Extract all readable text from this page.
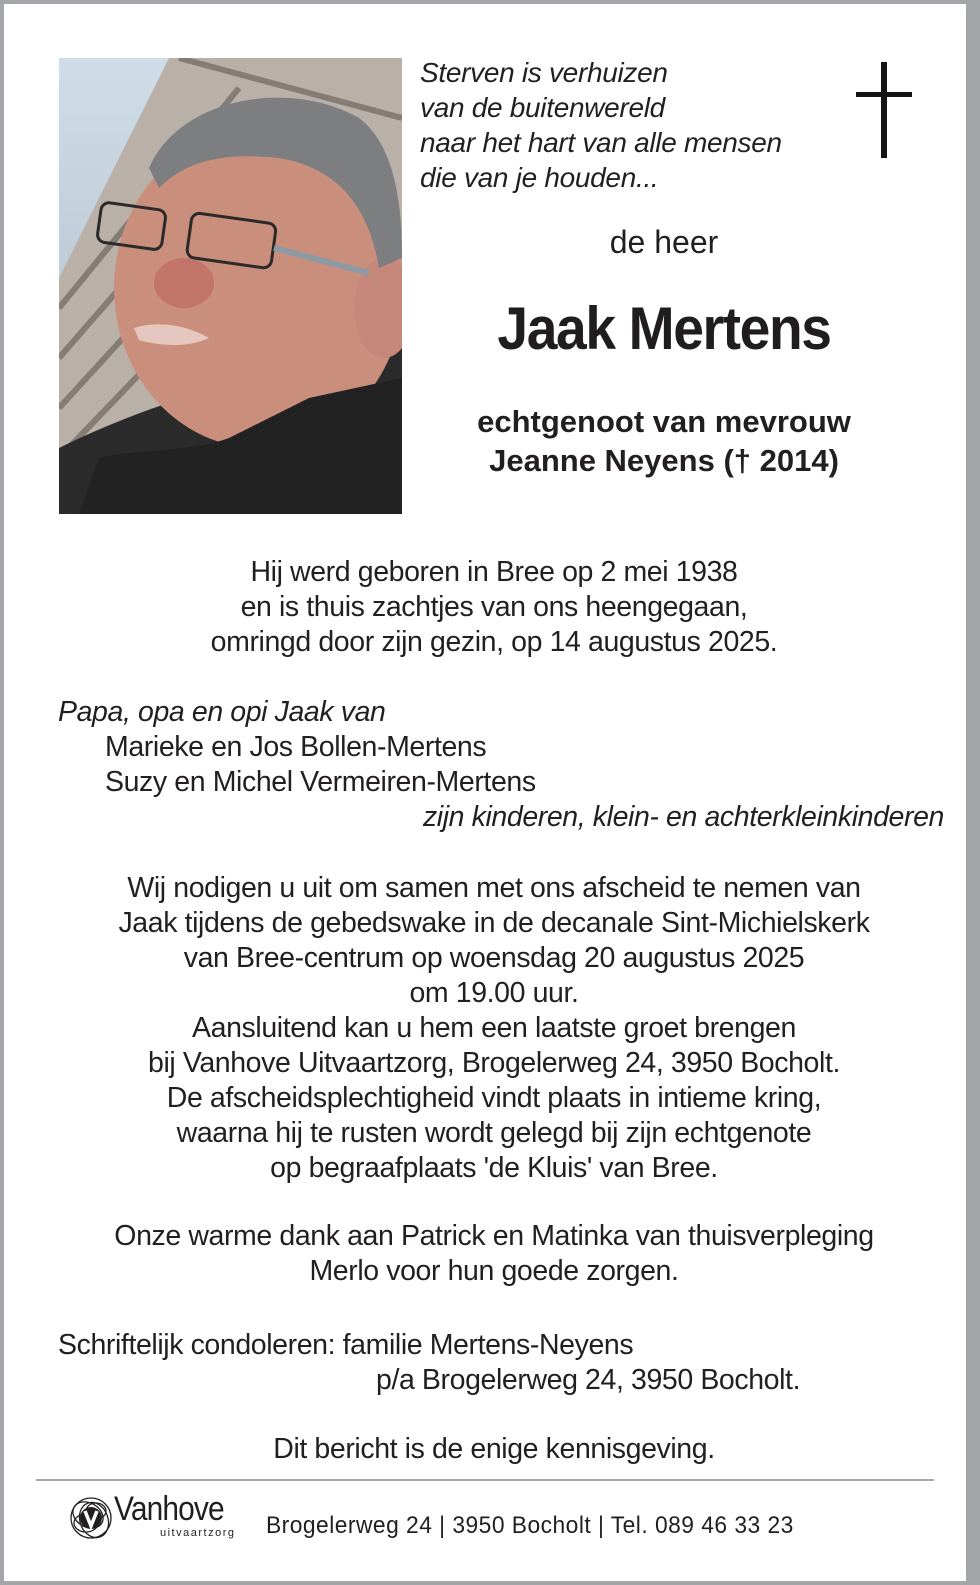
Sterven is verhuizen
van de buitenwereld
naar het hart van alle mensen
die van je houden...
de heer
Jaak Mertens
echtgenoot van mevrouw
Jeanne Neyens († 2014)
Hij werd geboren in Bree op 2 mei 1938
en is thuis zachtjes van ons heengegaan,
omringd door zijn gezin, op 14 augustus 2025.
Papa, opa en opi Jaak van
Marieke en Jos Bollen-Mertens
Suzy en Michel Vermeiren-Mertens
zijn kinderen, klein- en achterkleinkinderen
Wij nodigen u uit om samen met ons afscheid te nemen van
Jaak tijdens de gebedswake in de decanale Sint-Michielskerk
van Bree-centrum op woensdag 20 augustus 2025
om 19.00 uur.
Aansluitend kan u hem een laatste groet brengen
bij Vanhove Uitvaartzorg, Brogelerweg 24, 3950 Bocholt.
De afscheidsplechtigheid vindt plaats in intieme kring,
waarna hij te rusten wordt gelegd bij zijn echtgenote
op begraafplaats 'de Kluis' van Bree.
Onze warme dank aan Patrick en Matinka van thuisverpleging
Merlo voor hun goede zorgen.
Schriftelijk condoleren: familie Mertens-Neyens
p/a Brogelerweg 24, 3950 Bocholt.
Dit bericht is de enige kennisgeving.
Vanhove
uitvaartzorg Brogelerweg 24 | 3950 Bocholt | Tel. 089 46 33 23
